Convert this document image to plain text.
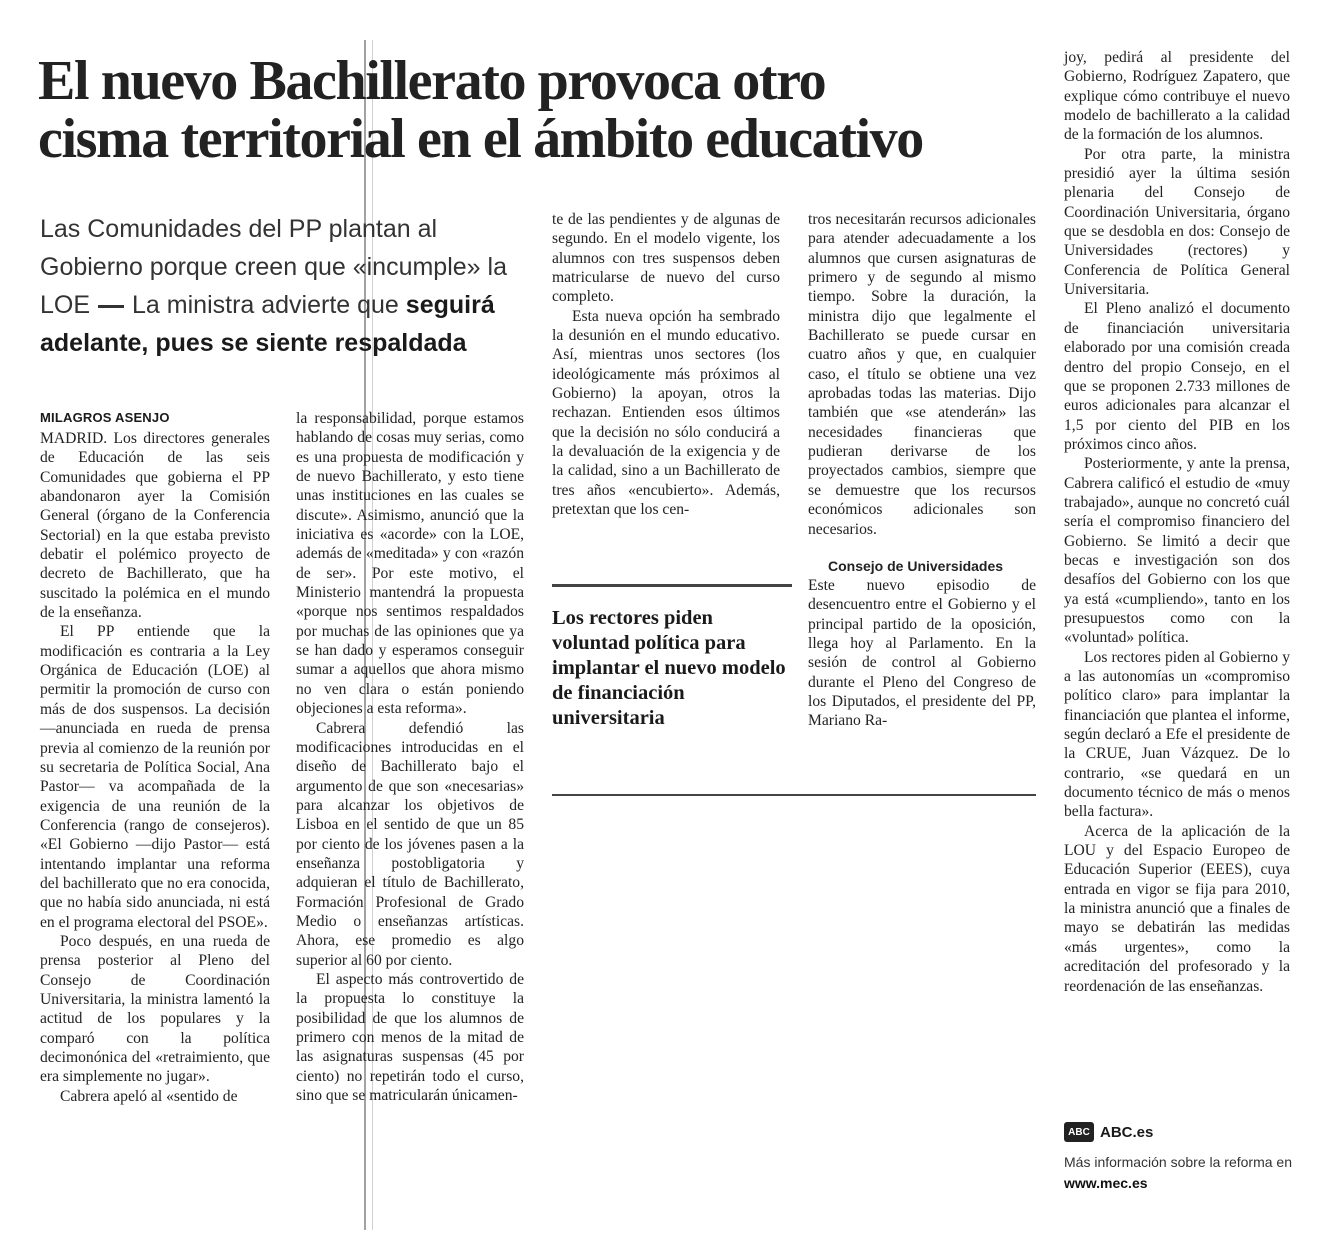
El nuevo Bachillerato provoca otro
cisma territorial en el ámbito educativo
Las Comunidades del PP plantan al Gobierno porque creen que «incumple» la LOE La ministra advierte que seguirá adelante, pues se siente respaldada
MILAGROS ASENJO

MADRID. Los directores generales de Educación de las seis Comunidades que gobierna el PP abandonaron ayer la Comisión General (órgano de la Conferencia Sectorial) en la que estaba previsto debatir el polémico proyecto de decreto de Bachillerato, que ha suscitado la polémica en el mundo de la enseñanza.

El PP entiende que la modificación es contraria a la Ley Orgánica de Educación (LOE) al permitir la promoción de curso con más de dos suspensos. La decisión —anunciada en rueda de prensa previa al comienzo de la reunión por su secretaria de Política Social, Ana Pastor— va acompañada de la exigencia de una reunión de la Conferencia (rango de consejeros). «El Gobierno —dijo Pastor— está intentando implantar una reforma del bachillerato que no era conocida, que no había sido anunciada, ni está en el programa electoral del PSOE».

Poco después, en una rueda de prensa posterior al Pleno del Consejo de Coordinación Universitaria, la ministra lamentó la actitud de los populares y la comparó con la política decimonónica del «retraimiento, que era simplemente no jugar».

Cabrera apeló al «sentido de

la responsabilidad, porque estamos hablando de cosas muy serias, como es una propuesta de modificación y de nuevo Bachillerato, y esto tiene unas instituciones en las cuales se discute». Asimismo, anunció que la iniciativa es «acorde» con la LOE, además de «meditada» y con «razón de ser». Por este motivo, el Ministerio mantendrá la propuesta «porque nos sentimos respaldados por muchas de las opiniones que ya se han dado y esperamos conseguir sumar a aquellos que ahora mismo no ven clara o están poniendo objeciones a esta reforma».

Cabrera defendió las modificaciones introducidas en el diseño de Bachillerato bajo el argumento de que son «necesarias» para alcanzar los objetivos de Lisboa en el sentido de que un 85 por ciento de los jóvenes pasen a la enseñanza postobligatoria y adquieran el título de Bachillerato, Formación Profesional de Grado Medio o enseñanzas artísticas. Ahora, ese promedio es algo superior al 60 por ciento.

El aspecto más controvertido de la propuesta lo constituye la posibilidad de que los alumnos de primero con menos de la mitad de las asignaturas suspensas (45 por ciento) no repetirán todo el curso, sino que se matricularán únicamen-

te de las pendientes y de algunas de segundo. En el modelo vigente, los alumnos con tres suspensos deben matricularse de nuevo del curso completo.

Esta nueva opción ha sembrado la desunión en el mundo educativo. Así, mientras unos sectores (los ideológicamente más próximos al Gobierno) la apoyan, otros la rechazan. Entienden esos últimos que la decisión no sólo conducirá a la devaluación de la exigencia y de la calidad, sino a un Bachillerato de tres años «encubierto». Además, pretextan que los cen-

tros necesitarán recursos adicionales para atender adecuadamente a los alumnos que cursen asignaturas de primero y de segundo al mismo tiempo. Sobre la duración, la ministra dijo que legalmente el Bachillerato se puede cursar en cuatro años y que, en cualquier caso, el título se obtiene una vez aprobadas todas las materias. Dijo también que «se atenderán» las necesidades financieras que pudieran derivarse de los proyectados cambios, siempre que se demuestre que los recursos económicos adicionales son necesarios.

Consejo de Universidades

Este nuevo episodio de desencuentro entre el Gobierno y el principal partido de la oposición, llega hoy al Parlamento. En la sesión de control al Gobierno durante el Pleno del Congreso de los Diputados, el presidente del PP, Mariano Ra-

Los rectores piden voluntad política para implantar el nuevo modelo de financiación universitaria

joy, pedirá al presidente del Gobierno, Rodríguez Zapatero, que explique cómo contribuye el nuevo modelo de bachillerato a la calidad de la formación de los alumnos.

Por otra parte, la ministra presidió ayer la última sesión plenaria del Consejo de Coordinación Universitaria, órgano que se desdobla en dos: Consejo de Universidades (rectores) y Conferencia de Política General Universitaria.

El Pleno analizó el documento de financiación universitaria elaborado por una comisión creada dentro del propio Consejo, en el que se proponen 2.733 millones de euros adicionales para alcanzar el 1,5 por ciento del PIB en los próximos cinco años.

Posteriormente, y ante la prensa, Cabrera calificó el estudio de «muy trabajado», aunque no concretó cuál sería el compromiso financiero del Gobierno. Se limitó a decir que becas e investigación son dos desafíos del Gobierno con los que ya está «cumpliendo», tanto en los presupuestos como con la «voluntad» política.

Los rectores piden al Gobierno y a las autonomías un «compromiso político claro» para implantar la financiación que plantea el informe, según declaró a Efe el presidente de la CRUE, Juan Vázquez. De lo contrario, «se quedará en un documento técnico de más o menos bella factura».

Acerca de la aplicación de la LOU y del Espacio Europeo de Educación Superior (EEES), cuya entrada en vigor se fija para 2010, la ministra anunció que a finales de mayo se debatirán las medidas «más urgentes», como la acreditación del profesorado y la reordenación de las enseñanzas.

ABC ABC.es
Más información sobre la reforma en www.mec.es
